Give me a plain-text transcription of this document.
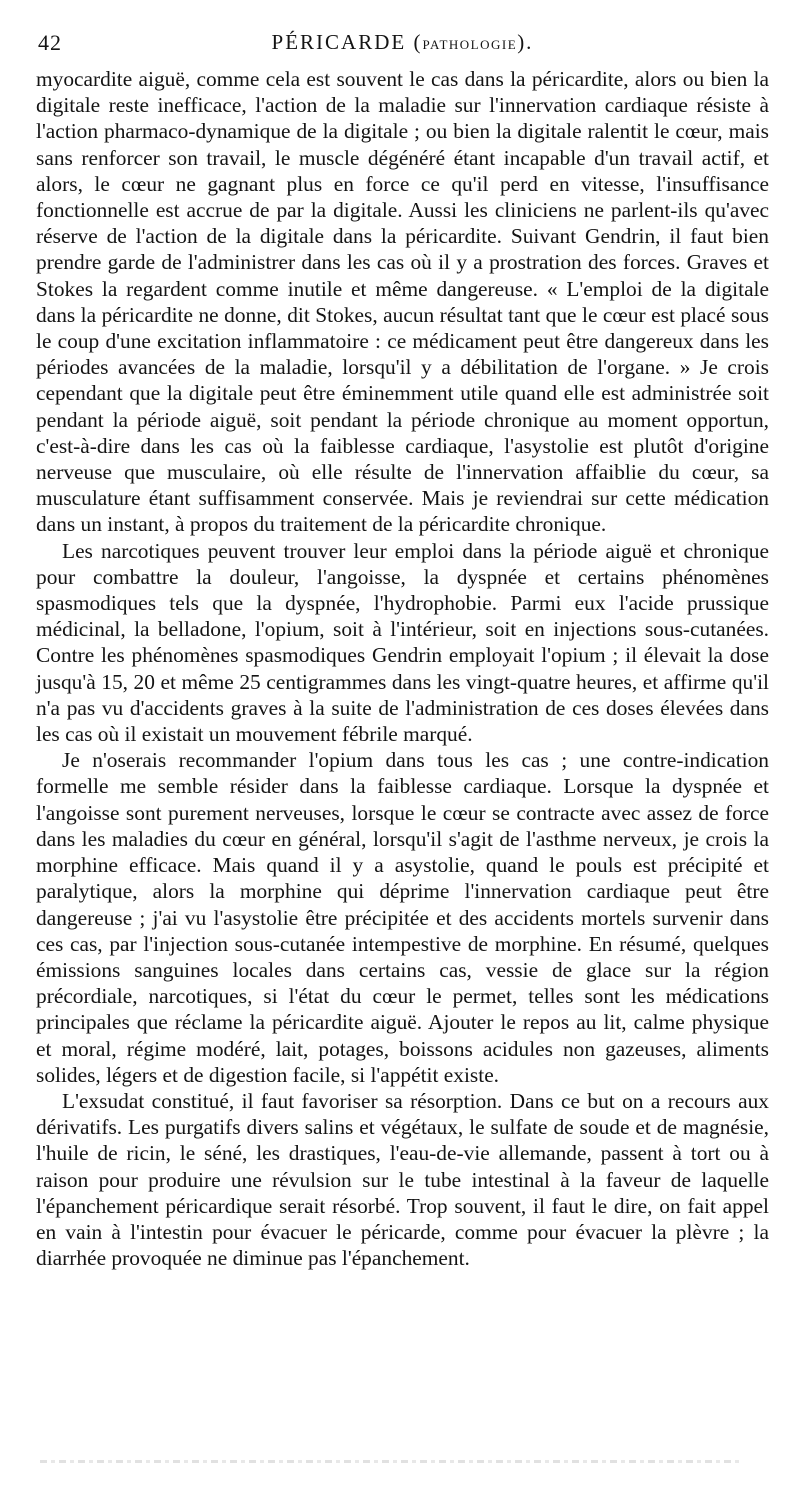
42	PÉRICARDE (PATHOLOGIE).

myocardite aiguë, comme cela est souvent le cas dans la péricardite, alors ou bien la digitale reste inefficace, l'action de la maladie sur l'innervation cardiaque résiste à l'action pharmaco-dynamique de la digitale ; ou bien la digitale ralentit le cœur, mais sans renforcer son travail, le muscle dégénéré étant incapable d'un travail actif, et alors, le cœur ne gagnant plus en force ce qu'il perd en vitesse, l'insuffisance fonctionnelle est accrue de par la digitale. Aussi les cliniciens ne parlent-ils qu'avec réserve de l'action de la digitale dans la péricardite. Suivant Gendrin, il faut bien prendre garde de l'administrer dans les cas où il y a prostration des forces. Graves et Stokes la regardent comme inutile et même dangereuse. « L'emploi de la digitale dans la péricardite ne donne, dit Stokes, aucun résultat tant que le cœur est placé sous le coup d'une excitation inflammatoire : ce médicament peut être dangereux dans les périodes avancées de la maladie, lorsqu'il y a débilitation de l'organe. » Je crois cependant que la digitale peut être éminemment utile quand elle est administrée soit pendant la période aiguë, soit pendant la période chronique au moment opportun, c'est-à-dire dans les cas où la faiblesse cardiaque, l'asystolie est plutôt d'origine nerveuse que musculaire, où elle résulte de l'innervation affaiblie du cœur, sa musculature étant suffisamment conservée. Mais je reviendrai sur cette médication dans un instant, à propos du traitement de la péricardite chronique.

Les narcotiques peuvent trouver leur emploi dans la période aiguë et chronique pour combattre la douleur, l'angoisse, la dyspnée et certains phénomènes spasmodiques tels que la dyspnée, l'hydrophobie. Parmi eux l'acide prussique médicinal, la belladone, l'opium, soit à l'intérieur, soit en injections sous-cutanées. Contre les phénomènes spasmodiques Gendrin employait l'opium ; il élevait la dose jusqu'à 15, 20 et même 25 centigrammes dans les vingt-quatre heures, et affirme qu'il n'a pas vu d'accidents graves à la suite de l'administration de ces doses élevées dans les cas où il existait un mouvement fébrile marqué.

Je n'oserais recommander l'opium dans tous les cas ; une contre-indication formelle me semble résider dans la faiblesse cardiaque. Lorsque la dyspnée et l'angoisse sont purement nerveuses, lorsque le cœur se contracte avec assez de force dans les maladies du cœur en général, lorsqu'il s'agit de l'asthme nerveux, je crois la morphine efficace. Mais quand il y a asystolie, quand le pouls est précipité et paralytique, alors la morphine qui déprime l'innervation cardiaque peut être dangereuse ; j'ai vu l'asystolie être précipitée et des accidents mortels survenir dans ces cas, par l'injection sous-cutanée intempestive de morphine. En résumé, quelques émissions sanguines locales dans certains cas, vessie de glace sur la région précordiale, narcotiques, si l'état du cœur le permet, telles sont les médications principales que réclame la péricardite aiguë. Ajouter le repos au lit, calme physique et moral, régime modéré, lait, potages, boissons acidules non gazeuses, aliments solides, légers et de digestion facile, si l'appétit existe.

L'exsudat constitué, il faut favoriser sa résorption. Dans ce but on a recours aux dérivatifs. Les purgatifs divers salins et végétaux, le sulfate de soude et de magnésie, l'huile de ricin, le séné, les drastiques, l'eau-de-vie allemande, passent à tort ou à raison pour produire une révulsion sur le tube intestinal à la faveur de laquelle l'épanchement péricardique serait résorbé. Trop souvent, il faut le dire, on fait appel en vain à l'intestin pour évacuer le péricarde, comme pour évacuer la plèvre ; la diarrhée provoquée ne diminue pas l'épanchement.
